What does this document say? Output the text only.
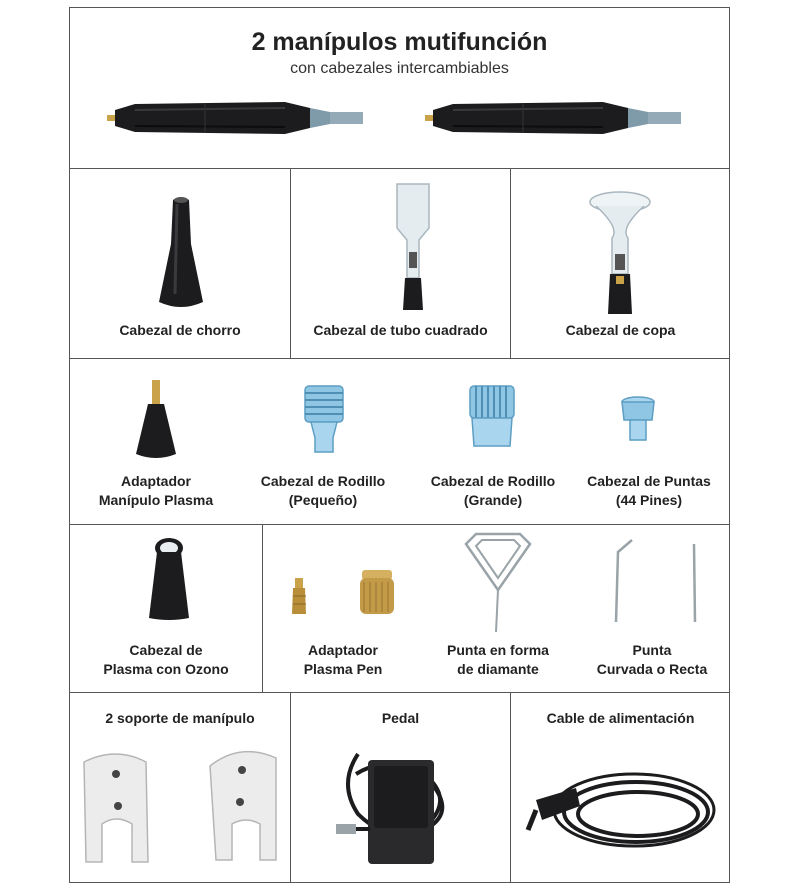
2 manípulos mutifunción
con cabezales intercambiables
Cabezal de chorro	Cabezal de tubo cuadrado	Cabezal de copa
Adaptador
Manípulo Plasma
Cabezal de Rodillo
(Pequeño)
Cabezal de Rodillo
(Grande)
Cabezal de Puntas
(44 Pines)
Cabezal de
Plasma con Ozono
Adaptador
Plasma Pen
Punta en forma
de diamante
Punta
Curvada o Recta
2 soporte de manípulo	Pedal	Cable de alimentación
